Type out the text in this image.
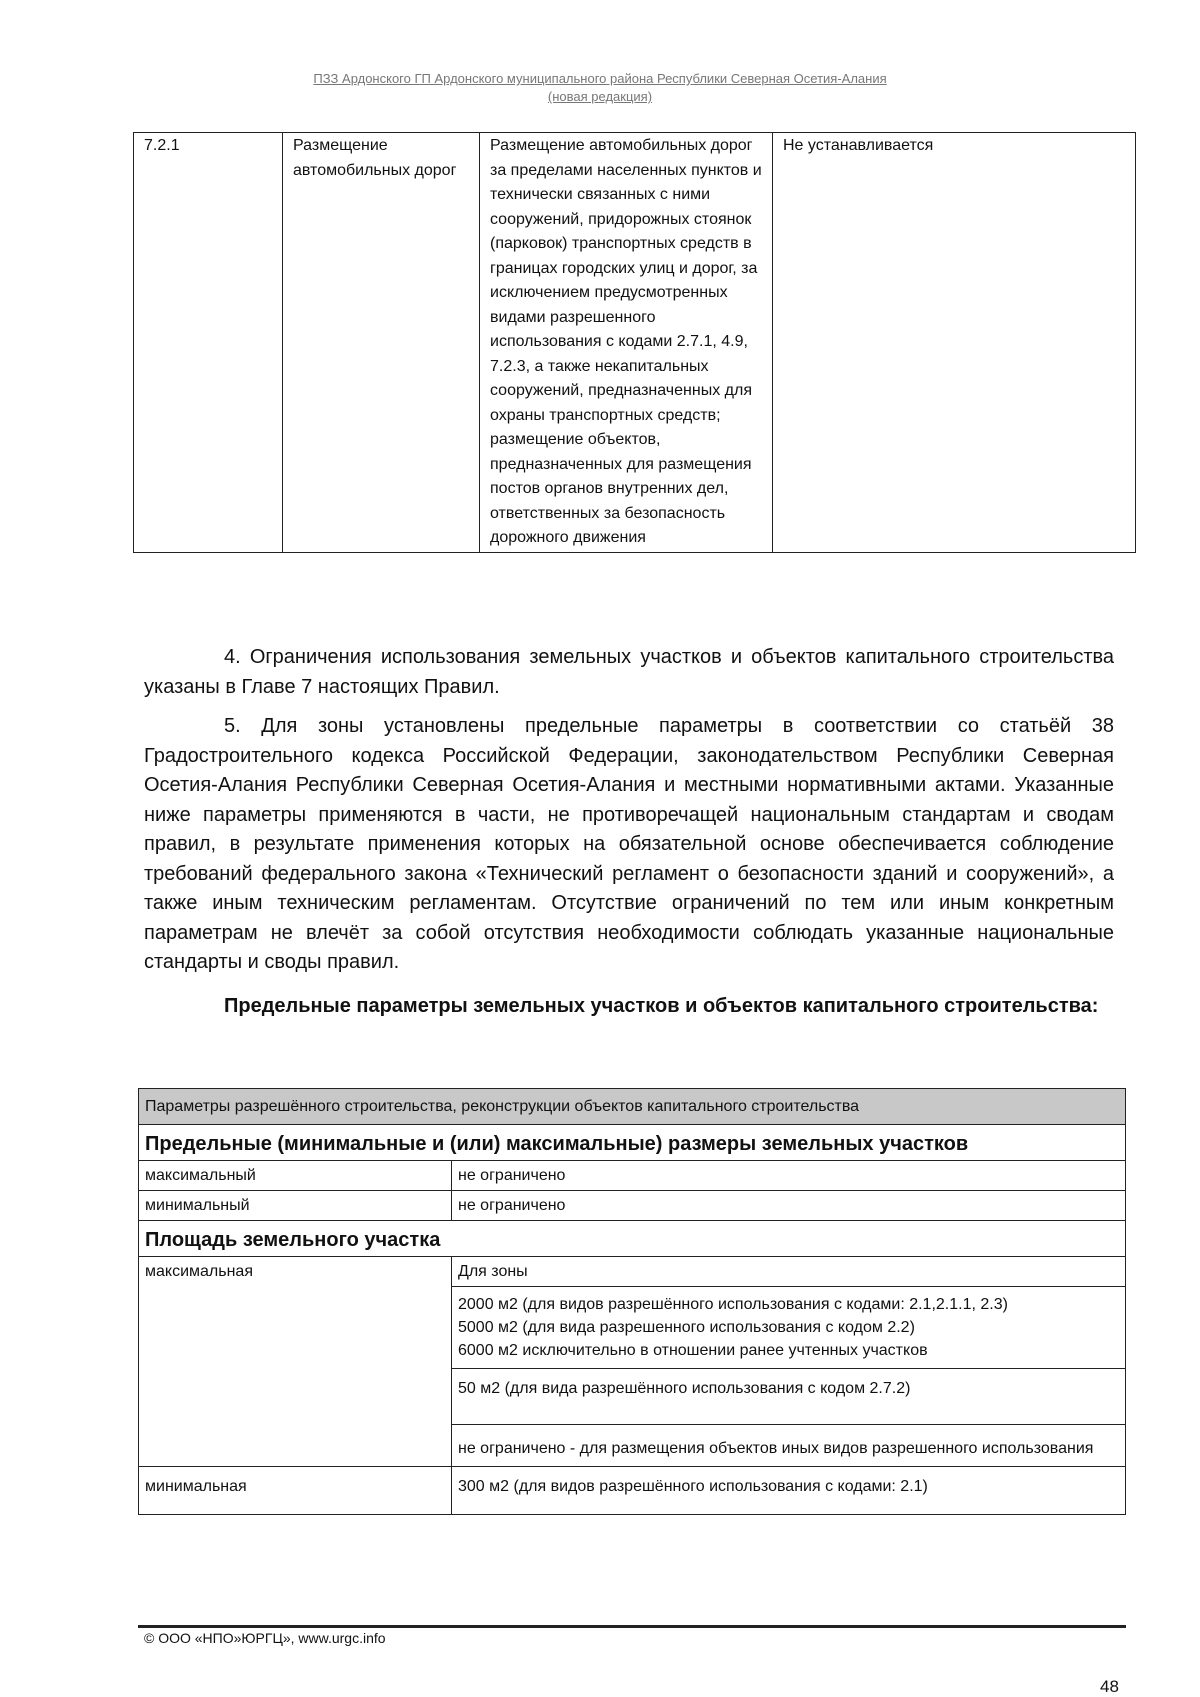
ПЗЗ Ардонского ГП Ардонского муниципального района Республики Северная Осетия-Алания
(новая редакция)
7.2.1	Размещение автомобильных дорог	Размещение автомобильных дорог за пределами населенных пунктов и технически связанных с ними сооружений, придорожных стоянок (парковок) транспортных средств в границах городских улиц и дорог, за исключением предусмотренных видами разрешенного использования с кодами 2.7.1, 4.9, 7.2.3, а также некапитальных сооружений, предназначенных для охраны транспортных средств; размещение объектов, предназначенных для размещения постов органов внутренних дел, ответственных за безопасность дорожного движения	Не устанавливается

4. Ограничения использования земельных участков и объектов капитального строительства указаны в Главе 7 настоящих Правил.

5. Для зоны установлены предельные параметры в соответствии со статьёй 38 Градостроительного кодекса Российской Федерации, законодательством Республики Северная Осетия-Алания Республики Северная Осетия-Алания и местными нормативными актами. Указанные ниже параметры применяются в части, не противоречащей национальным стандартам и сводам правил, в результате применения которых на обязательной основе обеспечивается соблюдение требований федерального закона «Технический регламент о безопасности зданий и сооружений», а также иным техническим регламентам. Отсутствие ограничений по тем или иным конкретным параметрам не влечёт за собой отсутствия необходимости соблюдать указанные национальные стандарты и своды правил.

Предельные параметры земельных участков и объектов капитального строительства:

Параметры разрешённого строительства, реконструкции объектов капитального строительства	
Предельные (минимальные и (или) максимальные) размеры земельных участков	
максимальный	не ограничено
минимальный	не ограничено
Площадь земельного участка	
максимальная	Для зоны

	2000 м2 (для видов разрешённого использования с кодами: 2.1,2.1.1, 2.3)
5000 м2 (для вида разрешенного использования с кодом 2.2)
6000 м2 исключительно в отношении ранее учтенных участков

	50 м2 (для вида разрешённого использования с кодом 2.7.2)
	не ограничено - для размещения объектов иных видов разрешенного использования
минимальная	300 м2 (для видов разрешённого использования с кодами: 2.1)
© ООО «НПО»ЮРГЦ», www.urgc.info
48
